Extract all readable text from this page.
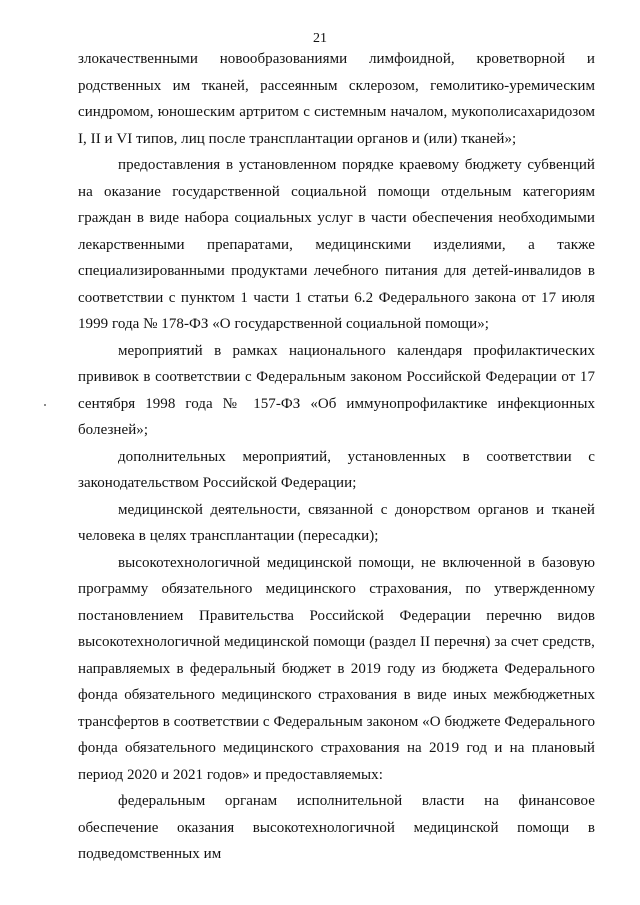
21

злокачественными новообразованиями лимфоидной, кроветворной и родственных им тканей, рассеянным склерозом, гемолитико-уремическим синдромом, юношеским артритом с системным началом, мукополисахаридозом I, II и VI типов, лиц после трансплантации органов и (или) тканей»;

предоставления в установленном порядке краевому бюджету субвенций на оказание государственной социальной помощи отдельным категориям граждан в виде набора социальных услуг в части обеспечения необходимыми лекарственными препаратами, медицинскими изделиями, а также специализированными продуктами лечебного питания для детей-инвалидов в соответствии с пунктом 1 части 1 статьи 6.2 Федерального закона от 17 июля 1999 года № 178-ФЗ «О государственной социальной помощи»;

мероприятий в рамках национального календаря профилактических прививок в соответствии с Федеральным законом Российской Федерации от 17 сентября 1998 года № 157-ФЗ «Об иммунопрофилактике инфекционных болезней»;

дополнительных мероприятий, установленных в соответствии с законодательством Российской Федерации;

медицинской деятельности, связанной с донорством органов и тканей человека в целях трансплантации (пересадки);

высокотехнологичной медицинской помощи, не включенной в базовую программу обязательного медицинского страхования, по утвержденному постановлением Правительства Российской Федерации перечню видов высокотехнологичной медицинской помощи (раздел II перечня) за счет средств, направляемых в федеральный бюджет в 2019 году из бюджета Федерального фонда обязательного медицинского страхования в виде иных межбюджетных трансфертов в соответствии с Федеральным законом «О бюджете Федерального фонда обязательного медицинского страхования на 2019 год и на плановый период 2020 и 2021 годов» и предоставляемых:

федеральным органам исполнительной власти на финансовое обеспечение оказания высокотехнологичной медицинской помощи в подведомственных им
